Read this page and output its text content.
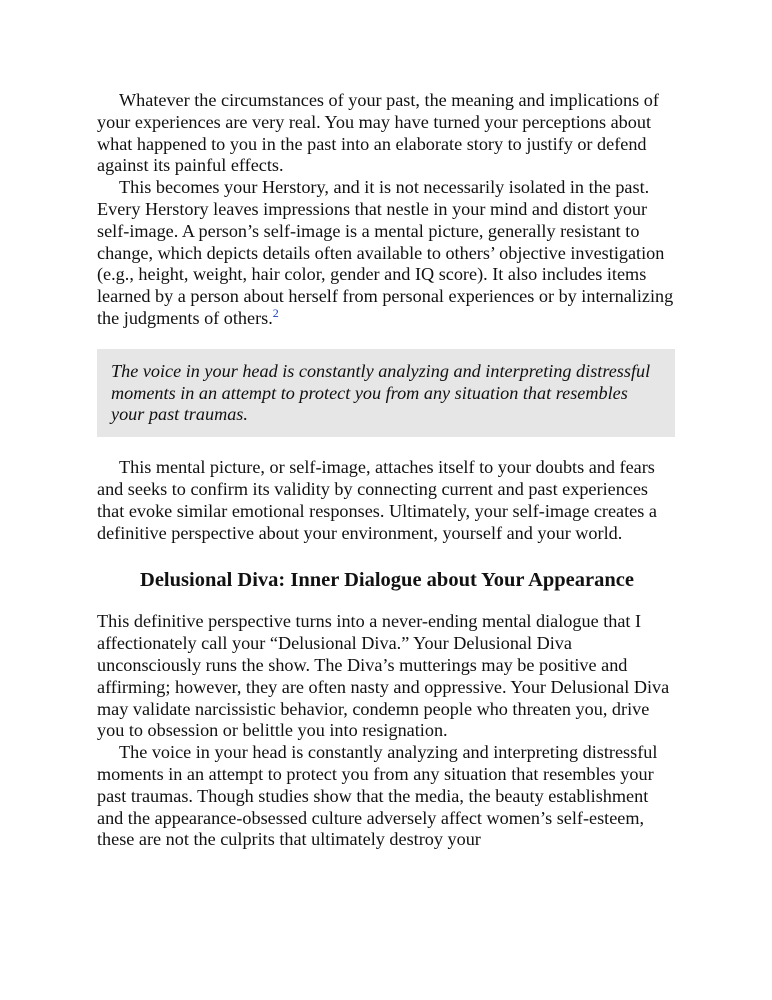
Whatever the circumstances of your past, the meaning and implications of your experiences are very real. You may have turned your perceptions about what happened to you in the past into an elaborate story to justify or defend against its painful effects.

This becomes your Herstory, and it is not necessarily isolated in the past. Every Herstory leaves impressions that nestle in your mind and distort your self-image. A person’s self-image is a mental picture, generally resistant to change, which depicts details often available to others’ objective investigation (e.g., height, weight, hair color, gender and IQ score). It also includes items learned by a person about herself from personal experiences or by internalizing the judgments of others.$^2$

The voice in your head is constantly analyzing and interpreting distressful moments in an attempt to protect you from any situation that resembles your past traumas.

This mental picture, or self-image, attaches itself to your doubts and fears and seeks to confirm its validity by connecting current and past experiences that evoke similar emotional responses. Ultimately, your self-image creates a definitive perspective about your environment, yourself and your world.

Delusional Diva: Inner Dialogue about Your Appearance

This definitive perspective turns into a never-ending mental dialogue that I affectionately call your “Delusional Diva.” Your Delusional Diva unconsciously runs the show. The Diva’s mutterings may be positive and affirming; however, they are often nasty and oppressive. Your Delusional Diva may validate narcissistic behavior, condemn people who threaten you, drive you to obsession or belittle you into resignation.

The voice in your head is constantly analyzing and interpreting distressful moments in an attempt to protect you from any situation that resembles your past traumas. Though studies show that the media, the beauty establishment and the appearance-obsessed culture adversely affect women’s self-esteem, these are not the culprits that ultimately destroy your
